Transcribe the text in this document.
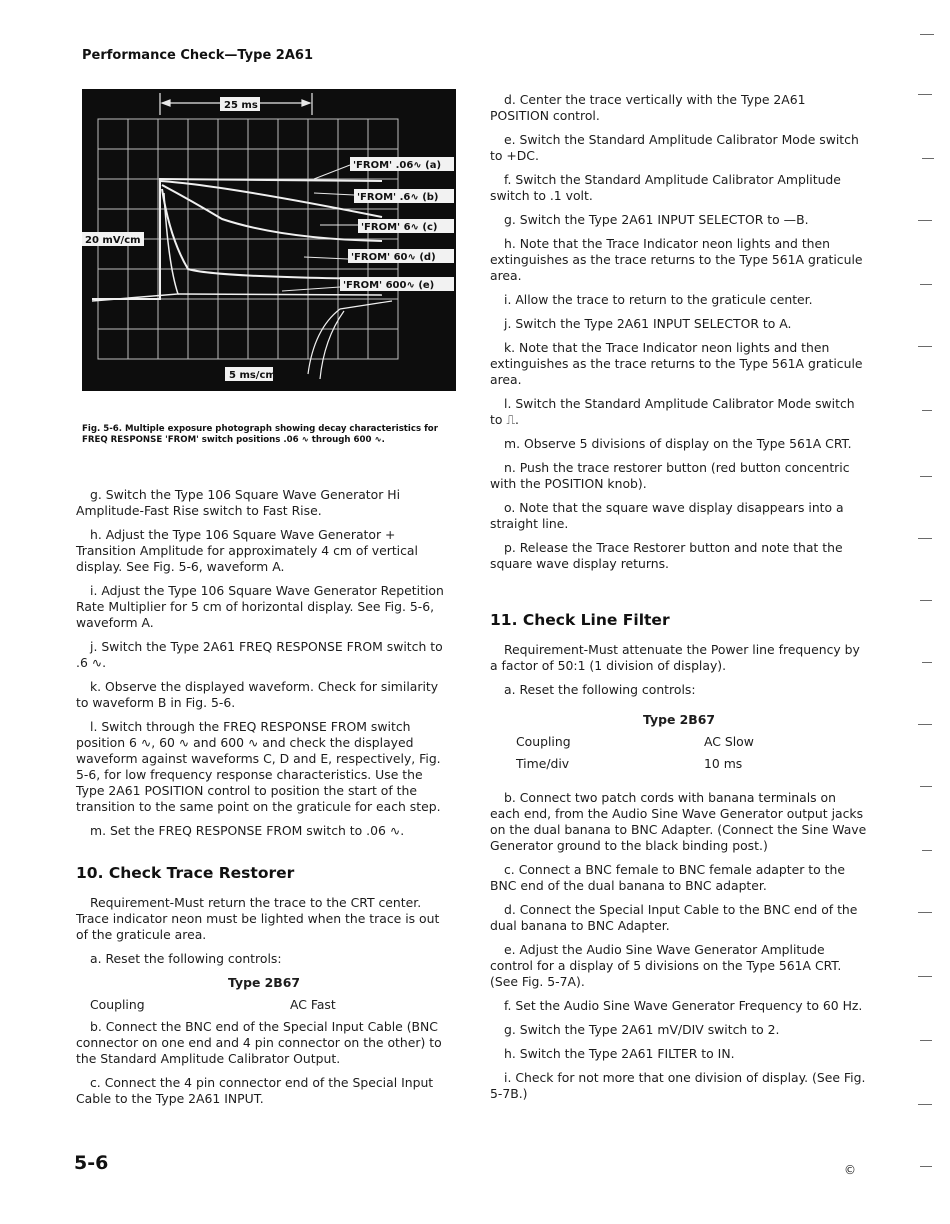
Performance Check—Type 2A61
25 ms
20 mV/cm
5 ms/cm
'FROM' .06∿ (a)
'FROM' .6∿ (b)
'FROM' 6∿ (c)
'FROM' 60∿ (d)
'FROM' 600∿ (e)
Fig. 5-6. Multiple exposure photograph showing decay characteristics for FREQ RESPONSE 'FROM' switch positions .06 ∿ through 600 ∿.

g. Switch the Type 106 Square Wave Generator Hi Amplitude-Fast Rise switch to Fast Rise.

h. Adjust the Type 106 Square Wave Generator + Transition Amplitude for approximately 4 cm of vertical display. See Fig. 5-6, waveform A.

i. Adjust the Type 106 Square Wave Generator Repetition Rate Multiplier for 5 cm of horizontal display. See Fig. 5-6, waveform A.

j. Switch the Type 2A61 FREQ RESPONSE FROM switch to .6 ∿.

k. Observe the displayed waveform. Check for similarity to waveform B in Fig. 5-6.

l. Switch through the FREQ RESPONSE FROM switch position 6 ∿, 60 ∿ and 600 ∿ and check the displayed waveform against waveforms C, D and E, respectively, Fig. 5-6, for low frequency response characteristics. Use the Type 2A61 POSITION control to position the start of the transition to the same point on the graticule for each step.

m. Set the FREQ RESPONSE FROM switch to .06 ∿.

10. Check Trace Restorer

Requirement-Must return the trace to the CRT center. Trace indicator neon must be lighted when the trace is out of the graticule area.

a. Reset the following controls:

Type 2B67
Coupling	AC Fast

b. Connect the BNC end of the Special Input Cable (BNC connector on one end and 4 pin connector on the other) to the Standard Amplitude Calibrator Output.

c. Connect the 4 pin connector end of the Special Input Cable to the Type 2A61 INPUT.

d. Center the trace vertically with the Type 2A61 POSITION control.

e. Switch the Standard Amplitude Calibrator Mode switch to +DC.

f. Switch the Standard Amplitude Calibrator Amplitude switch to .1 volt.

g. Switch the Type 2A61 INPUT SELECTOR to —B.

h. Note that the Trace Indicator neon lights and then extinguishes as the trace returns to the Type 561A graticule area.

i. Allow the trace to return to the graticule center.

j. Switch the Type 2A61 INPUT SELECTOR to A.

k. Note that the Trace Indicator neon lights and then extinguishes as the trace returns to the Type 561A graticule area.

l. Switch the Standard Amplitude Calibrator Mode switch to ⎍.

m. Observe 5 divisions of display on the Type 561A CRT.

n. Push the trace restorer button (red button concentric with the POSITION knob).

o. Note that the square wave display disappears into a straight line.

p. Release the Trace Restorer button and note that the square wave display returns.

11. Check Line Filter

Requirement-Must attenuate the Power line frequency by a factor of 50:1 (1 division of display).

a. Reset the following controls:

Type 2B67
Coupling	AC Slow
Time/div	10 ms

b. Connect two patch cords with banana terminals on each end, from the Audio Sine Wave Generator output jacks on the dual banana to BNC Adapter. (Connect the Sine Wave Generator ground to the black binding post.)

c. Connect a BNC female to BNC female adapter to the BNC end of the dual banana to BNC adapter.

d. Connect the Special Input Cable to the BNC end of the dual banana to BNC Adapter.

e. Adjust the Audio Sine Wave Generator Amplitude control for a display of 5 divisions on the Type 561A CRT. (See Fig. 5-7A).

f. Set the Audio Sine Wave Generator Frequency to 60 Hz.

g. Switch the Type 2A61 mV/DIV switch to 2.

h. Switch the Type 2A61 FILTER to IN.

i. Check for not more that one division of display. (See Fig. 5-7B.)

5-6	©
